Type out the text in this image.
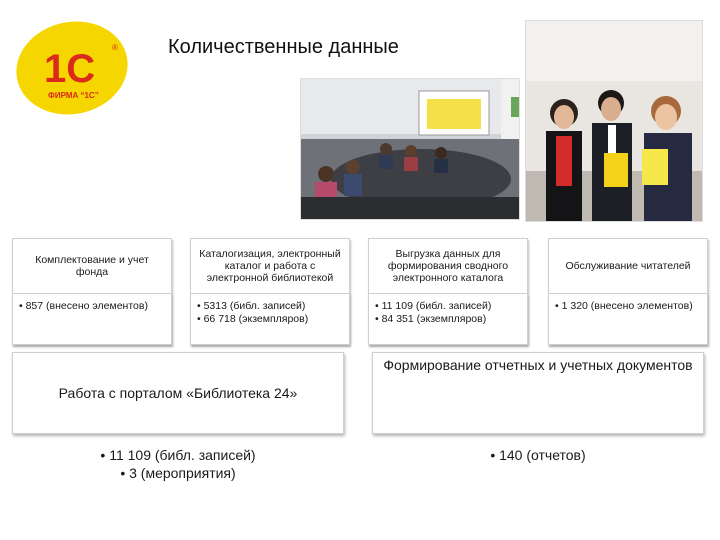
1С ®
ФИРМА “1С”
Количественные данные
Комплектование и учет фонда
• 857 (внесено элементов)
Каталогизация, электронный каталог и работа с электронной библиотекой
• 5313 (библ. записей)
• 66 718 (экземпляров)
Выгрузка данных для формирования сводного электронного каталога
• 11 109 (библ. записей)
• 84 351 (экземпляров)
Обслуживание читателей
• 1 320 (внесено элементов)
Работа с порталом «Библиотека 24»
• 11 109 (библ. записей)
• 3 (мероприятия)
Формирование отчетных и учетных документов
• 140 (отчетов)
